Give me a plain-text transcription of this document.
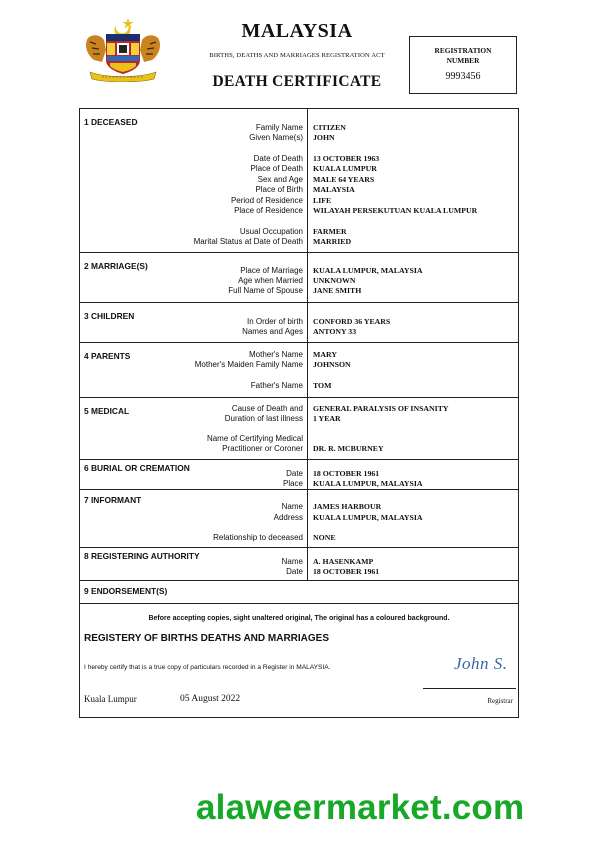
MALAYSIA
BIRTHS, DEATHS AND MARRIAGES REGISTRATION ACT
DEATH CERTIFICATE
REGISTRATION
NUMBER
9993456
1 DECEASED
Family Name CITIZEN
Given Name(s) JOHN
Date of Death 13 OCTOBER 1963
Place of Death KUALA LUMPUR
Sex and Age MALE 64 YEARS
Place of Birth MALAYSIA
Period of Residence LIFE
Place of Residence WILAYAH PERSEKUTUAN KUALA LUMPUR
Usual Occupation FARMER
Marital Status at Date of Death MARRIED
2 MARRIAGE(S)	Place of Marriage KUALA LUMPUR, MALAYSIA
Age when Married UNKNOWN
Full Name of Spouse JANE SMITH
3 CHILDREN
In Order of birth CONFORD 36 YEARS
Names and Ages ANTONY 33
4 PARENTS	Mother's Name MARY
Mother's Maiden Family Name JOHNSON
Father's Name TOM
5 MEDICAL	Cause of Death and GENERAL PARALYSIS OF INSANITY
Duration of last illness 1 YEAR
Name of Certifying Medical
Practitioner or Coroner DR. R. MCBURNEY
6 BURIAL OR CREMATION
Date 18 OCTOBER 1961
Place KUALA LUMPUR, MALAYSIA
7 INFORMANT
Name JAMES HARBOUR
Address KUALA LUMPUR, MALAYSIA
Relationship to deceased NONE
8 REGISTERING AUTHORITY
Name A. HASENKAMP
Date 18 OCTOBER 1961
9 ENDORSEMENT(S)
Before accepting copies, sight unaltered original, The original has a coloured background.
REGISTERY OF BIRTHS DEATHS AND MARRIAGES
I hereby certify that is a true copy of particulars recorded in a Register in MALAYSIA.	John S.
Kuala Lumpur	05 August 2022	Registrar
alaweermarket.com
